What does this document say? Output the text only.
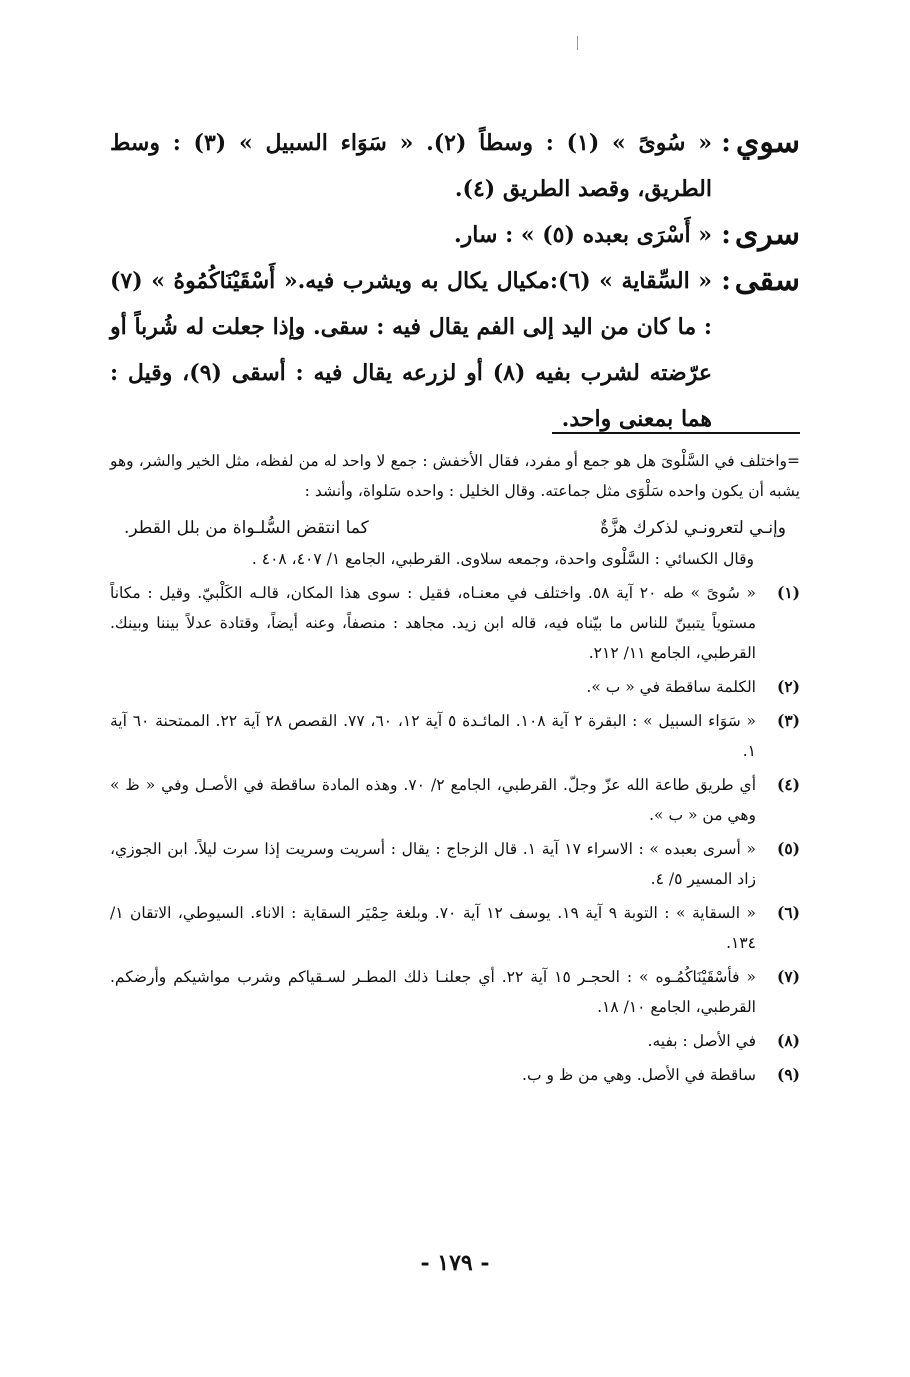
سوي
:
« سُوىً » (١) : وسطاً (٢). « سَوَاء السبيل » (٣) : وسط الطريق، وقصد الطريق (٤).
سرى
:
« أَسْرَى بعبده (٥) » : سار.
سقى
:
« السِّقاية » (٦):مكيال يكال به ويشرب فيه.« أَسْقَيْنَاكُمُوهُ » (٧) : ما كان من اليد إلى الفم يقال فيه : سقى. وإذا جعلت له شُرباً أو عرّضته لشرب بفيه (٨) أو لزرعه يقال فيه : أسقى (٩)، وقيل : هما بمعنى واحد.

=واختلف في السَّلْوىَ هل هو جمع أو مفرد، فقال الأخفش : جمع لا واحد له من لفظه، مثل الخير والشر، وهو يشبه أن يكون واحده سَلْوَى مثل جماعته. وقال الخليل : واحده سَلواة، وأنشد :

وإنـي لتعرونـي لذكرك هزَّةٌ
كما انتقض السُّلـواة من بلل القطر.

وقال الكسائي : السَّلْوى واحدة، وجمعه سلاوى. القرطبي، الجامع ١/ ٤٠٧، ٤٠٨ .

(١)
« سُوىً » طه ٢٠ آية ٥٨. واختلف في معنـاه، فقيل : سوى هذا المكان، قالـه الكَلْبيّ. وقيل : مكاناً مستوياً يتبينّ للناس ما بيّناه فيه، قاله ابن زيد. مجاهد : منصفاً، وعنه أيضاً، وقتادة عدلاً بيننا وبينك. القرطبي، الجامع ١١/ ٢١٢.
(٢)
الكلمة ساقطة في « ب ».
(٣)
« سَوَاء السبيل » : البقرة ٢ آية ١٠٨. المائـدة ٥ آية ١٢، ٦٠، ٧٧. القصص ٢٨ آية ٢٢. الممتحنة ٦٠ آية ١.
(٤)
أي طريق طاعة الله عزّ وجلّ. القرطبي، الجامع ٢/ ٧٠. وهذه المادة ساقطة في الأصـل وفي « ظ » وهي من « ب ».
(٥)
« أسرى بعبده » : الاسراء ١٧ آية ١. قال الزجاج : يقال : أسريت وسريت إذا سرت ليلاً. ابن الجوزي، زاد المسير ٥/ ٤.
(٦)
« السقاية » : التوبة ٩ آية ١٩. يوسف ١٢ آية ٧٠. وبلغة حِمْيَر السقاية : الاناء. السيوطي، الاتقان ١/ ١٣٤.
(٧)
« فأسْقَيْنَاكُمُـوه » : الحجـر ١٥ آية ٢٢. أي جعلنـا ذلك المطـر لسـقياكم وشرب مواشيكم وأرضكم. القرطبي، الجامع ١٠/ ١٨.
(٨)
في الأصل : بفيه.
(٩)
ساقطة في الأصل. وهي من ظ و ب.
- ١٧٩ -
